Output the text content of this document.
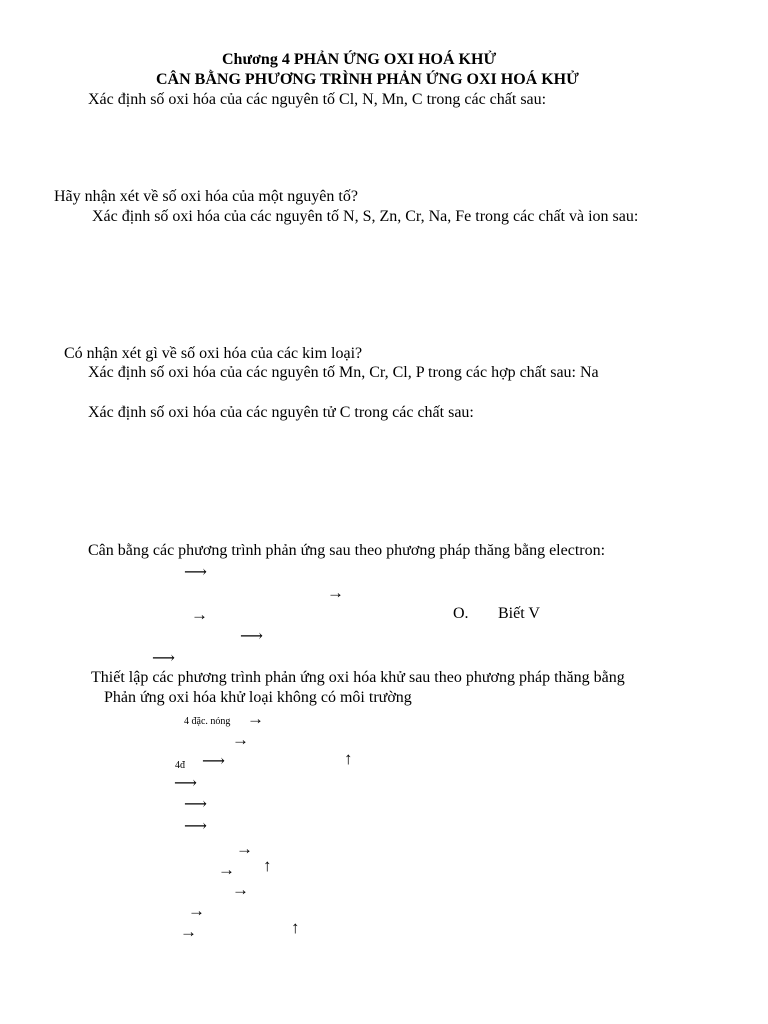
Chương 4 PHẢN ỨNG OXI HOÁ KHỬ
CÂN BẰNG PHƯƠNG TRÌNH PHẢN ỨNG OXI HOÁ KHỬ
Xác định số oxi hóa của các nguyên tố Cl, N, Mn, C trong các chất sau:
Hãy nhận xét về số oxi hóa của một nguyên tố?
Xác định số oxi hóa của các nguyên tố N, S, Zn, Cr, Na, Fe trong các chất và ion sau:
Có nhận xét gì về số oxi hóa của các kim loại?
Xác định số oxi hóa của các nguyên tố Mn, Cr, Cl, P trong các hợp chất sau: Na
Xác định số oxi hóa của các nguyên tử C trong các chất sau:
Cân bằng các phương trình phản ứng sau theo phương pháp thăng bằng electron:
⟶
→
→	O. Biết V
⟶
⟶
Thiết lập các phương trình phản ứng oxi hóa khử sau theo phương pháp thăng bằng
Phản ứng oxi hóa khử loại không có môi trường
4 đặc. nóng →
→
4đ ⟶	↑
⟶
⟶
⟶
→
→ ↑
→
→
→	↑
